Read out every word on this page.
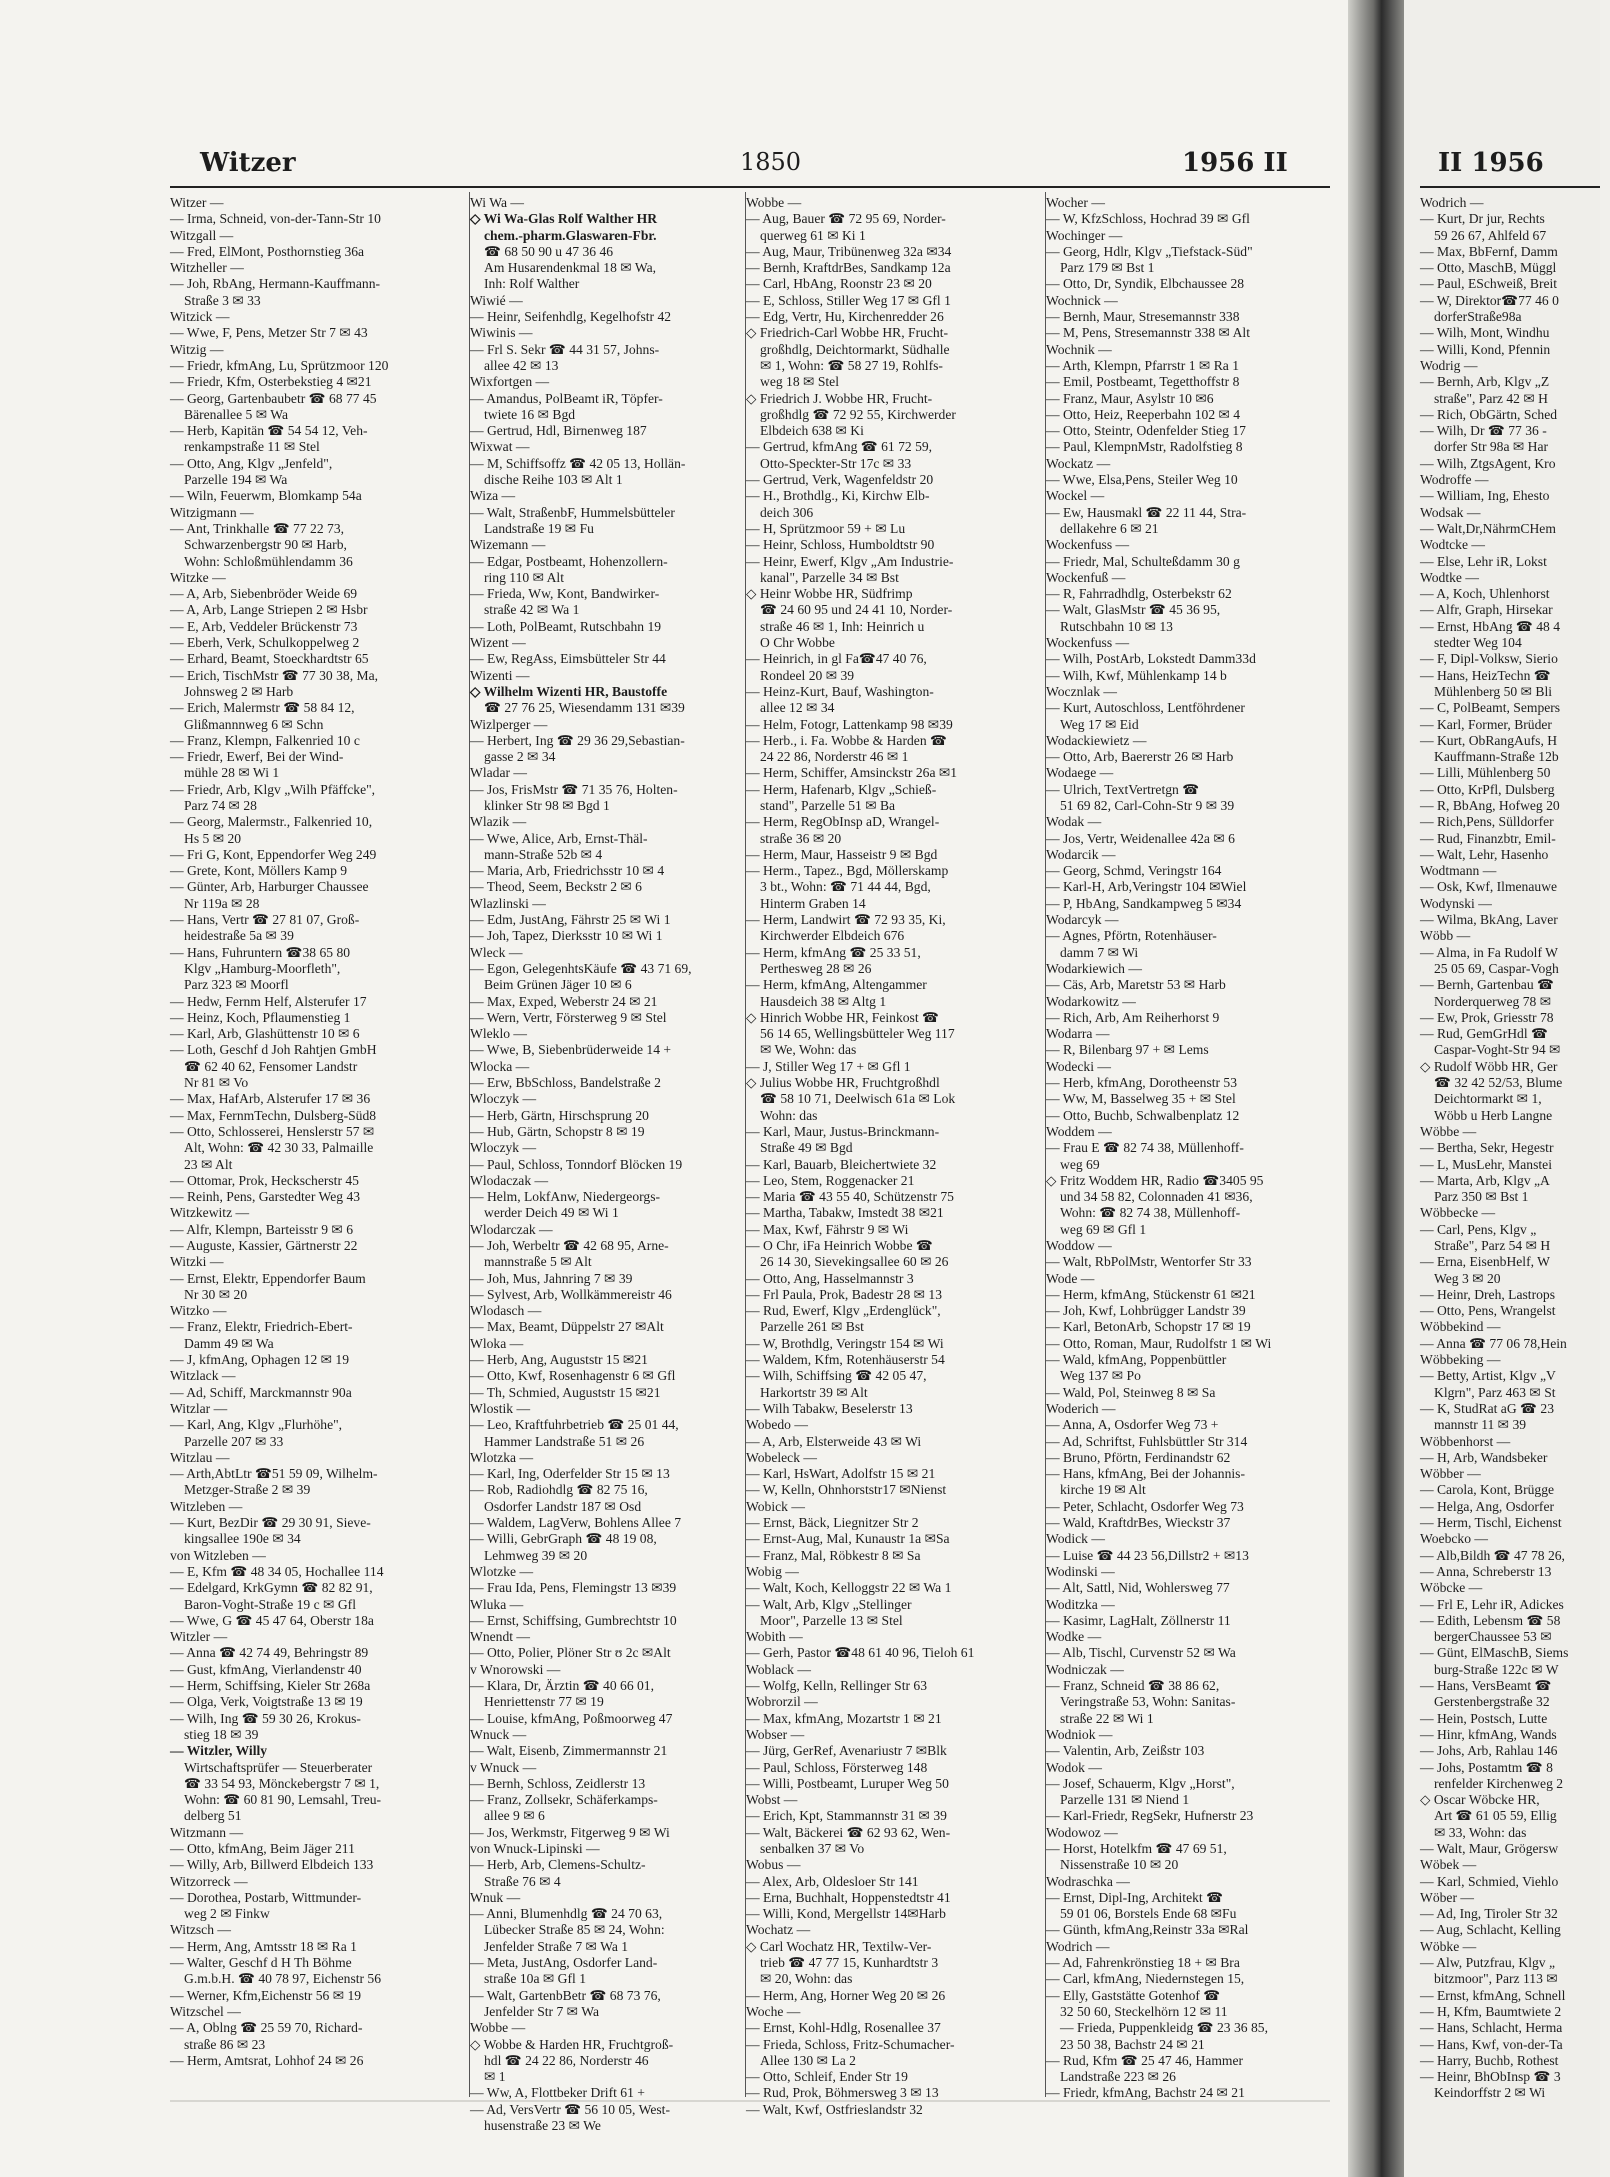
Witzer	1850	1956 II	II 1956
Witzer —
— Irma, Schneid, von-der-Tann-Str 10
Witzgall —
— Fred, ElMont, Posthornstieg 36a
Witzheller —
— Joh, RbAng, Hermann-Kauffmann-
Straße 3 ✉ 33
Witzick —
— Wwe, F, Pens, Metzer Str 7 ✉ 43
Witzig —
— Friedr, kfmAng, Lu, Sprützmoor 120
— Friedr, Kfm, Osterbekstieg 4 ✉21
— Georg, Gartenbaubetr ☎ 68 77 45
Bärenallee 5 ✉ Wa
— Herb, Kapitän ☎ 54 54 12, Veh-
renkampstraße 11 ✉ Stel
— Otto, Ang, Klgv „Jenfeld",
Parzelle 194 ✉ Wa
— Wiln, Feuerwm, Blomkamp 54a
Witzigmann —
— Ant, Trinkhalle ☎ 77 22 73,
Schwarzenbergstr 90 ✉ Harb,
Wohn: Schloßmühlendamm 36
Witzke —
— A, Arb, Siebenbröder Weide 69
— A, Arb, Lange Striepen 2 ✉ Hsbr
— E, Arb, Veddeler Brückenstr 73
— Eberh, Verk, Schulkoppelweg 2
— Erhard, Beamt, Stoeckhardtstr 65
— Erich, TischMstr ☎ 77 30 38, Ma,
Johnsweg 2 ✉ Harb
— Erich, Malermstr ☎ 58 84 12,
Glißmannnweg 6 ✉ Schn
— Franz, Klempn, Falkenried 10 c
— Friedr, Ewerf, Bei der Wind-
mühle 28 ✉ Wi 1
— Friedr, Arb, Klgv „Wilh Pfäffcke",
Parz 74 ✉ 28
— Georg, Malermstr., Falkenried 10,
Hs 5 ✉ 20
— Fri G, Kont, Eppendorfer Weg 249
— Grete, Kont, Möllers Kamp 9
— Günter, Arb, Harburger Chaussee
Nr 119a ✉ 28
— Hans, Vertr ☎ 27 81 07, Groß-
heidestraße 5a ✉ 39
— Hans, Fuhruntern ☎38 65 80
Klgv „Hamburg-Moorfleth",
Parz 323 ✉ Moorfl
— Hedw, Fernm Helf, Alsterufer 17
— Heinz, Koch, Pflaumenstieg 1
— Karl, Arb, Glashüttenstr 10 ✉ 6
— Loth, Geschf d Joh Rahtjen GmbH
☎ 62 40 62, Fensomer Landstr
Nr 81 ✉ Vo
— Max, HafArb, Alsterufer 17 ✉ 36
— Max, FernmTechn, Dulsberg-Süd8
— Otto, Schlosserei, Henslerstr 57 ✉
Alt, Wohn: ☎ 42 30 33, Palmaille
23 ✉ Alt
— Ottomar, Prok, Heckscherstr 45
— Reinh, Pens, Garstedter Weg 43
Witzkewitz —
— Alfr, Klempn, Barteisstr 9 ✉ 6
— Auguste, Kassier, Gärtnerstr 22
Witzki —
— Ernst, Elektr, Eppendorfer Baum
Nr 30 ✉ 20
Witzko —
— Franz, Elektr, Friedrich-Ebert-
Damm 49 ✉ Wa
— J, kfmAng, Ophagen 12 ✉ 19
Witzlack —
— Ad, Schiff, Marckmannstr 90a
Witzlar —
— Karl, Ang, Klgv „Flurhöhe",
Parzelle 207 ✉ 33
Witzlau —
— Arth,AbtLtr ☎51 59 09, Wilhelm-
Metzger-Straße 2 ✉ 39
Witzleben —
— Kurt, BezDir ☎ 29 30 91, Sieve-
kingsallee 190e ✉ 34
von Witzleben —
— E, Kfm ☎ 48 34 05, Hochallee 114
— Edelgard, KrkGymn ☎ 82 82 91,
Baron-Voght-Straße 19 c ✉ Gfl
— Wwe, G ☎ 45 47 64, Oberstr 18a
Witzler —
— Anna ☎ 42 74 49, Behringstr 89
— Gust, kfmAng, Vierlandenstr 40
— Herm, Schiffsing, Kieler Str 268a
— Olga, Verk, Voigtstraße 13 ✉ 19
— Wilh, Ing ☎ 59 30 26, Krokus-
stieg 18 ✉ 39
— Witzler, Willy
Wirtschaftsprüfer — Steuerberater
☎ 33 54 93, Mönckebergstr 7 ✉ 1,
Wohn: ☎ 60 81 90, Lemsahl, Treu-
delberg 51
Witzmann —
— Otto, kfmAng, Beim Jäger 211
— Willy, Arb, Billwerd Elbdeich 133
Witzorreck —
— Dorothea, Postarb, Wittmunder-
weg 2 ✉ Finkw
Witzsch —
— Herm, Ang, Amtsstr 18 ✉ Ra 1
— Walter, Geschf d H Th Böhme
G.m.b.H. ☎ 40 78 97, Eichenstr 56
— Werner, Kfm,Eichenstr 56 ✉ 19
Witzschel —
— A, Oblng ☎ 25 59 70, Richard-
straße 86 ✉ 23
— Herm, Amtsrat, Lohhof 24 ✉ 26
Wi Wa —
◇ Wi Wa-Glas Rolf Walther HR
chem.-pharm.Glaswaren-Fbr.
☎ 68 50 90 u 47 36 46
Am Husarendenkmal 18 ✉ Wa,
Inh: Rolf Walther
Wiwié —
— Heinr, Seifenhdlg, Kegelhofstr 42
Wiwinis —
— Frl S. Sekr ☎ 44 31 57, Johns-
allee 42 ✉ 13
Wixfortgen —
— Amandus, PolBeamt iR, Töpfer-
twiete 16 ✉ Bgd
— Gertrud, Hdl, Birnenweg 187
Wixwat —
— M, Schiffsoffz ☎ 42 05 13, Hollän-
dische Reihe 103 ✉ Alt 1
Wiza —
— Walt, StraßenbF, Hummelsbütteler
Landstraße 19 ✉ Fu
Wizemann —
— Edgar, Postbeamt, Hohenzollern-
ring 110 ✉ Alt
— Frieda, Ww, Kont, Bandwirker-
straße 42 ✉ Wa 1
— Loth, PolBeamt, Rutschbahn 19
Wizent —
— Ew, RegAss, Eimsbütteler Str 44
Wizenti —
◇ Wilhelm Wizenti HR, Baustoffe
☎ 27 76 25, Wiesendamm 131 ✉39
Wizlperger —
— Herbert, Ing ☎ 29 36 29,Sebastian-
gasse 2 ✉ 34
Wladar —
— Jos, FrisMstr ☎ 71 35 76, Holten-
klinker Str 98 ✉ Bgd 1
Wlazik —
— Wwe, Alice, Arb, Ernst-Thäl-
mann-Straße 52b ✉ 4
— Maria, Arb, Friedrichsstr 10 ✉ 4
— Theod, Seem, Beckstr 2 ✉ 6
Wlazlinski —
— Edm, JustAng, Fährstr 25 ✉ Wi 1
— Joh, Tapez, Dierksstr 10 ✉ Wi 1
Wleck —
— Egon, GelegenhtsKäufe ☎ 43 71 69,
Beim Grünen Jäger 10 ✉ 6
— Max, Exped, Weberstr 24 ✉ 21
— Wern, Vertr, Försterweg 9 ✉ Stel
Wleklo —
— Wwe, B, Siebenbrüderweide 14 +
Wlocka —
— Erw, BbSchloss, Bandelstraße 2
Wloczyk —
— Herb, Gärtn, Hirschsprung 20
— Hub, Gärtn, Schopstr 8 ✉ 19
Wloczyk —
— Paul, Schloss, Tonndorf Blöcken 19
Wlodaczak —
— Helm, LokfAnw, Niedergeorgs-
werder Deich 49 ✉ Wi 1
Wlodarczak —
— Joh, Werbeltr ☎ 42 68 95, Arne-
mannstraße 5 ✉ Alt
— Joh, Mus, Jahnring 7 ✉ 39
— Sylvest, Arb, Wollkämmereistr 46
Wlodasch —
— Max, Beamt, Düppelstr 27 ✉Alt
Wloka —
— Herb, Ang, Auguststr 15 ✉21
— Otto, Kwf, Rosenhagenstr 6 ✉ Gfl
— Th, Schmied, Auguststr 15 ✉21
Wlostik —
— Leo, Kraftfuhrbetrieb ☎ 25 01 44,
Hammer Landstraße 51 ✉ 26
Wlotzka —
— Karl, Ing, Oderfelder Str 15 ✉ 13
— Rob, Radiohdlg ☎ 82 75 16,
Osdorfer Landstr 187 ✉ Osd
— Waldem, LagVerw, Bohlens Allee 7
— Willi, GebrGraph ☎ 48 19 08,
Lehmweg 39 ✉ 20
Wlotzke —
— Frau Ida, Pens, Flemingstr 13 ✉39
Wluka —
— Ernst, Schiffsing, Gumbrechtstr 10
Wnendt —
— Otto, Polier, Plöner Str ʊ 2c ✉Alt
v Wnorowski —
— Klara, Dr, Ärztin ☎ 40 66 01,
Henriettenstr 77 ✉ 19
— Louise, kfmAng, Poßmoorweg 47
Wnuck —
— Walt, Eisenb, Zimmermannstr 21
v Wnuck —
— Bernh, Schloss, Zeidlerstr 13
— Franz, Zollsekr, Schäferkamps-
allee 9 ✉ 6
— Jos, Werkmstr, Fitgerweg 9 ✉ Wi
von Wnuck-Lipinski —
— Herb, Arb, Clemens-Schultz-
Straße 76 ✉ 4
Wnuk —
— Anni, Blumenhdlg ☎ 24 70 63,
Lübecker Straße 85 ✉ 24, Wohn:
Jenfelder Straße 7 ✉ Wa 1
— Meta, JustAng, Osdorfer Land-
straße 10a ✉ Gfl 1
— Walt, GartenbBetr ☎ 68 73 76,
Jenfelder Str 7 ✉ Wa
Wobbe —
◇ Wobbe & Harden HR, Fruchtgroß-
hdl ☎ 24 22 86, Norderstr 46
✉ 1
— Ww, A, Flottbeker Drift 61 +
— Ad, VersVertr ☎ 56 10 05, West-
husenstraße 23 ✉ We
Wobbe —
— Aug, Bauer ☎ 72 95 69, Norder-
querweg 61 ✉ Ki 1
— Aug, Maur, Tribünenweg 32a ✉34
— Bernh, KraftdrBes, Sandkamp 12a
— Carl, HbAng, Roonstr 23 ✉ 20
— E, Schloss, Stiller Weg 17 ✉ Gfl 1
— Edg, Vertr, Hu, Kirchenredder 26
◇ Friedrich-Carl Wobbe HR, Frucht-
großhdlg, Deichtormarkt, Südhalle
✉ 1, Wohn: ☎ 58 27 19, Rohlfs-
weg 18 ✉ Stel
◇ Friedrich J. Wobbe HR, Frucht-
großhdlg ☎ 72 92 55, Kirchwerder
Elbdeich 638 ✉ Ki
— Gertrud, kfmAng ☎ 61 72 59,
Otto-Speckter-Str 17c ✉ 33
— Gertrud, Verk, Wagenfeldstr 20
— H., Brothdlg., Ki, Kirchw Elb-
deich 306
— H, Sprützmoor 59 + ✉ Lu
— Heinr, Schloss, Humboldtstr 90
— Heinr, Ewerf, Klgv „Am Industrie-
kanal", Parzelle 34 ✉ Bst
◇ Heinr Wobbe HR, Südfrimp
☎ 24 60 95 und 24 41 10, Norder-
straße 46 ✉ 1, Inh: Heinrich u
O Chr Wobbe
— Heinrich, in gl Fa☎47 40 76,
Rondeel 20 ✉ 39
— Heinz-Kurt, Bauf, Washington-
allee 12 ✉ 34
— Helm, Fotogr, Lattenkamp 98 ✉39
— Herb., i. Fa. Wobbe & Harden ☎
24 22 86, Norderstr 46 ✉ 1
— Herm, Schiffer, Amsinckstr 26a ✉1
— Herm, Hafenarb, Klgv „Schieß-
stand", Parzelle 51 ✉ Ba
— Herm, RegObInsp aD, Wrangel-
straße 36 ✉ 20
— Herm, Maur, Hasseistr 9 ✉ Bgd
— Herm., Tapez., Bgd, Möllerskamp
3 bt., Wohn: ☎ 71 44 44, Bgd,
Hinterm Graben 14
— Herm, Landwirt ☎ 72 93 35, Ki,
Kirchwerder Elbdeich 676
— Herm, kfmAng ☎ 25 33 51,
Perthesweg 28 ✉ 26
— Herm, kfmAng, Altengammer
Hausdeich 38 ✉ Altg 1
◇ Hinrich Wobbe HR, Feinkost ☎
56 14 65, Wellingsbütteler Weg 117
✉ We, Wohn: das
— J, Stiller Weg 17 + ✉ Gfl 1
◇ Julius Wobbe HR, Fruchtgroßhdl
☎ 58 10 71, Deelwisch 61a ✉ Lok
Wohn: das
— Karl, Maur, Justus-Brinckmann-
Straße 49 ✉ Bgd
— Karl, Bauarb, Bleichertwiete 32
— Leo, Stem, Roggenacker 21
— Maria ☎ 43 55 40, Schützenstr 75
— Martha, Tabakw, Imstedt 38 ✉21
— Max, Kwf, Fährstr 9 ✉ Wi
— O Chr, iFa Heinrich Wobbe ☎
26 14 30, Sievekingsallee 60 ✉ 26
— Otto, Ang, Hasselmannstr 3
— Frl Paula, Prok, Badestr 28 ✉ 13
— Rud, Ewerf, Klgv „Erdenglück",
Parzelle 261 ✉ Bst
— W, Brothdlg, Veringstr 154 ✉ Wi
— Waldem, Kfm, Rotenhäuserstr 54
— Wilh, Schiffsing ☎ 42 05 47,
Harkortstr 39 ✉ Alt
— Wilh Tabakw, Beselerstr 13
Wobedo —
— A, Arb, Elsterweide 43 ✉ Wi
Wobeleck —
— Karl, HsWart, Adolfstr 15 ✉ 21
— W, Kelln, Ohnhorststr17 ✉Nienst
Wobick —
— Ernst, Bäck, Liegnitzer Str 2
— Ernst-Aug, Mal, Kunaustr 1a ✉Sa
— Franz, Mal, Röbkestr 8 ✉ Sa
Wobig —
— Walt, Koch, Kelloggstr 22 ✉ Wa 1
— Walt, Arb, Klgv „Stellinger
Moor", Parzelle 13 ✉ Stel
Wobith —
— Gerh, Pastor ☎48 61 40 96, Tieloh 61
Woblack —
— Wolfg, Kelln, Rellinger Str 63
Wobrorzil —
— Max, kfmAng, Mozartstr 1 ✉ 21
Wobser —
— Jürg, GerRef, Avenariustr 7 ✉Blk
— Paul, Schloss, Försterweg 148
— Willi, Postbeamt, Luruper Weg 50
Wobst —
— Erich, Kpt, Stammannstr 31 ✉ 39
— Walt, Bäckerei ☎ 62 93 62, Wen-
senbalken 37 ✉ Vo
Wobus —
— Alex, Arb, Oldesloer Str 141
— Erna, Buchhalt, Hoppenstedtstr 41
— Willi, Kond, Mergellstr 14✉Harb
Wochatz —
◇ Carl Wochatz HR, Textilw-Ver-
trieb ☎ 47 77 15, Kunhardtstr 3
✉ 20, Wohn: das
— Herm, Ang, Horner Weg 20 ✉ 26
Woche —
— Ernst, Kohl-Hdlg, Rosenallee 37
— Frieda, Schloss, Fritz-Schumacher-
Allee 130 ✉ La 2
— Otto, Schleif, Ender Str 19
— Rud, Prok, Böhmersweg 3 ✉ 13
— Walt, Kwf, Ostfrieslandstr 32
Wocher —
— W, KfzSchloss, Hochrad 39 ✉ Gfl
Wochinger —
— Georg, Hdlr, Klgv „Tiefstack-Süd"
Parz 179 ✉ Bst 1
— Otto, Dr, Syndik, Elbchaussee 28
Wochnick —
— Bernh, Maur, Stresemannstr 338
— M, Pens, Stresemannstr 338 ✉ Alt
Wochnik —
— Arth, Klempn, Pfarrstr 1 ✉ Ra 1
— Emil, Postbeamt, Tegetthoffstr 8
— Franz, Maur, Asylstr 10 ✉6
— Otto, Heiz, Reeperbahn 102 ✉ 4
— Otto, Steintr, Odenfelder Stieg 17
— Paul, KlempnMstr, Radolfstieg 8
Wockatz —
— Wwe, Elsa,Pens, Steiler Weg 10
Wockel —
— Ew, Hausmakl ☎ 22 11 44, Stra-
dellakehre 6 ✉ 21
Wockenfuss —
— Friedr, Mal, Schulteßdamm 30 g
Wockenfuß —
— R, Fahrradhdlg, Osterbekstr 62
— Walt, GlasMstr ☎ 45 36 95,
Rutschbahn 10 ✉ 13
Wockenfuss —
— Wilh, PostArb, Lokstedt Damm33d
— Wilh, Kwf, Mühlenkamp 14 b
Wocznlak —
— Kurt, Autoschloss, Lentföhrdener
Weg 17 ✉ Eid
Wodackiewietz —
— Otto, Arb, Baererstr 26 ✉ Harb
Wodaege —
— Ulrich, TextVertretgn ☎
51 69 82, Carl-Cohn-Str 9 ✉ 39
Wodak —
— Jos, Vertr, Weidenallee 42a ✉ 6
Wodarcik —
— Georg, Schmd, Veringstr 164
— Karl-H, Arb,Veringstr 104 ✉Wiel
— P, HbAng, Sandkampweg 5 ✉34
Wodarcyk —
— Agnes, Pförtn, Rotenhäuser-
damm 7 ✉ Wi
Wodarkiewich —
— Cäs, Arb, Maretstr 53 ✉ Harb
Wodarkowitz —
— Rich, Arb, Am Reiherhorst 9
Wodarra —
— R, Bilenbarg 97 + ✉ Lems
Wodecki —
— Herb, kfmAng, Dorotheenstr 53
— Ww, M, Basselweg 35 + ✉ Stel
— Otto, Buchb, Schwalbenplatz 12
Woddem —
— Frau E ☎ 82 74 38, Müllenhoff-
weg 69
◇ Fritz Woddem HR, Radio ☎3405 95
und 34 58 82, Colonnaden 41 ✉36,
Wohn: ☎ 82 74 38, Müllenhoff-
weg 69 ✉ Gfl 1
Woddow —
— Walt, RbPolMstr, Wentorfer Str 33
Wode —
— Herm, kfmAng, Stückenstr 61 ✉21
— Joh, Kwf, Lohbrügger Landstr 39
— Karl, BetonArb, Schopstr 17 ✉ 19
— Otto, Roman, Maur, Rudolfstr 1 ✉ Wi
— Wald, kfmAng, Poppenbüttler
Weg 137 ✉ Po
— Wald, Pol, Steinweg 8 ✉ Sa
Woderich —
— Anna, A, Osdorfer Weg 73 +
— Ad, Schriftst, Fuhlsbüttler Str 314
— Bruno, Pförtn, Ferdinandstr 62
— Hans, kfmAng, Bei der Johannis-
kirche 19 ✉ Alt
— Peter, Schlacht, Osdorfer Weg 73
— Wald, KraftdrBes, Wieckstr 37
Wodick —
— Luise ☎ 44 23 56,Dillstr2 + ✉13
Wodinski —
— Alt, Sattl, Nid, Wohlersweg 77
Woditzka —
— Kasimr, LagHalt, Zöllnerstr 11
Wodke —
— Alb, Tischl, Curvenstr 52 ✉ Wa
Wodniczak —
— Franz, Schneid ☎ 38 86 62,
Veringstraße 53, Wohn: Sanitas-
straße 22 ✉ Wi 1
Wodniok —
— Valentin, Arb, Zeißstr 103
Wodok —
— Josef, Schauerm, Klgv „Horst",
Parzelle 131 ✉ Niend 1
— Karl-Friedr, RegSekr, Hufnerstr 23
Wodowoz —
— Horst, Hotelkfm ☎ 47 69 51,
Nissenstraße 10 ✉ 20
Wodraschka —
— Ernst, Dipl-Ing, Architekt ☎
59 01 06, Borstels Ende 68 ✉Fu
— Günth, kfmAng,Reinstr 33a ✉Ral
Wodrich —
— Ad, Fahrenkrönstieg 18 + ✉ Bra
— Carl, kfmAng, Niedernstegen 15,
— Elly, Gaststätte Gotenhof ☎
32 50 60, Steckelhörn 12 ✉ 11
— Frieda, Puppenkleidg ☎ 23 36 85,
23 50 38, Bachstr 24 ✉ 21
— Rud, Kfm ☎ 25 47 46, Hammer
Landstraße 223 ✉ 26
— Friedr, kfmAng, Bachstr 24 ✉ 21
Wodrich —
— Kurt, Dr jur, Rechts
59 26 67, Ahlfeld 67
— Max, BbFernf, Damm
— Otto, MaschB, Müggl
— Paul, ESchweiß, Breit
— W, Direktor☎77 46 0
dorferStraße98a
— Wilh, Mont, Windhu
— Willi, Kond, Pfennin
Wodrig —
— Bernh, Arb, Klgv „Z
straße", Parz 42 ✉ H
— Rich, ObGärtn, Sched
— Wilh, Dr ☎ 77 36 -
dorfer Str 98a ✉ Har
— Wilh, ZtgsAgent, Kro
Wodroffe —
— William, Ing, Ehesto
Wodsak —
— Walt,Dr,NährmCHem
Wodtcke —
— Else, Lehr iR, Lokst
Wodtke —
— A, Koch, Uhlenhorst
— Alfr, Graph, Hirsekar
— Ernst, HbAng ☎ 48 4
stedter Weg 104
— F, Dipl-Volksw, Sierio
— Hans, HeizTechn ☎
Mühlenberg 50 ✉ Bli
— C, PolBeamt, Sempers
— Karl, Former, Brüder
— Kurt, ObRangAufs, H
Kauffmann-Straße 12b
— Lilli, Mühlenberg 50
— Otto, KrPfl, Dulsberg
— R, BbAng, Hofweg 20
— Rich,Pens, Sülldorfer
— Rud, Finanzbtr, Emil-
— Walt, Lehr, Hasenho
Wodtmann —
— Osk, Kwf, Ilmenauwe
Wodynski —
— Wilma, BkAng, Laver
Wöbb —
— Alma, in Fa Rudolf W
25 05 69, Caspar-Vogh
— Bernh, Gartenbau ☎
Norderquerweg 78 ✉
— Ew, Prok, Griesstr 78
— Rud, GemGrHdl ☎
Caspar-Voght-Str 94 ✉
◇ Rudolf Wöbb HR, Ger
☎ 32 42 52/53, Blume
Deichtormarkt ✉ 1,
Wöbb u Herb Langne
Wöbbe —
— Bertha, Sekr, Hegestr
— L, MusLehr, Manstei
— Marta, Arb, Klgv „A
Parz 350 ✉ Bst 1
Wöbbecke —
— Carl, Pens, Klgv „
Straße", Parz 54 ✉ H
— Erna, EisenbHelf, W
Weg 3 ✉ 20
— Heinr, Dreh, Lastrops
— Otto, Pens, Wrangelst
Wöbbekind —
— Anna ☎ 77 06 78,Hein
Wöbbeking —
— Betty, Artist, Klgv „V
Klgrn", Parz 463 ✉ St
— K, StudRat aG ☎ 23
mannstr 11 ✉ 39
Wöbbenhorst —
— H, Arb, Wandsbeker
Wöbber —
— Carola, Kont, Brügge
— Helga, Ang, Osdorfer
— Herm, Tischl, Eichenst
Woebcko —
— Alb,Bildh ☎ 47 78 26,
— Anna, Schreberstr 13
Wöbcke —
— Frl E, Lehr iR, Adickes
— Edith, Lebensm ☎ 58
bergerChaussee 53 ✉
— Günt, ElMaschB, Siems
burg-Straße 122c ✉ W
— Hans, VersBeamt ☎
Gerstenbergstraße 32
— Hein, Postsch, Lutte
— Hinr, kfmAng, Wands
— Johs, Arb, Rahlau 146
— Johs, Postamtm ☎ 8
renfelder Kirchenweg 2
◇ Oscar Wöbcke HR,
Art ☎ 61 05 59, Ellig
✉ 33, Wohn: das
— Walt, Maur, Grögersw
Wöbek —
— Karl, Schmied, Viehlo
Wöber —
— Ad, Ing, Tiroler Str 32
— Aug, Schlacht, Kelling
Wöbke —
— Alw, Putzfrau, Klgv „
bitzmoor", Parz 113 ✉
— Ernst, kfmAng, Schnell
— H, Kfm, Baumtwiete 2
— Hans, Schlacht, Herma
— Hans, Kwf, von-der-Ta
— Harry, Buchb, Rothest
— Heinr, BhObInsp ☎ 3
Keindorffstr 2 ✉ Wi
